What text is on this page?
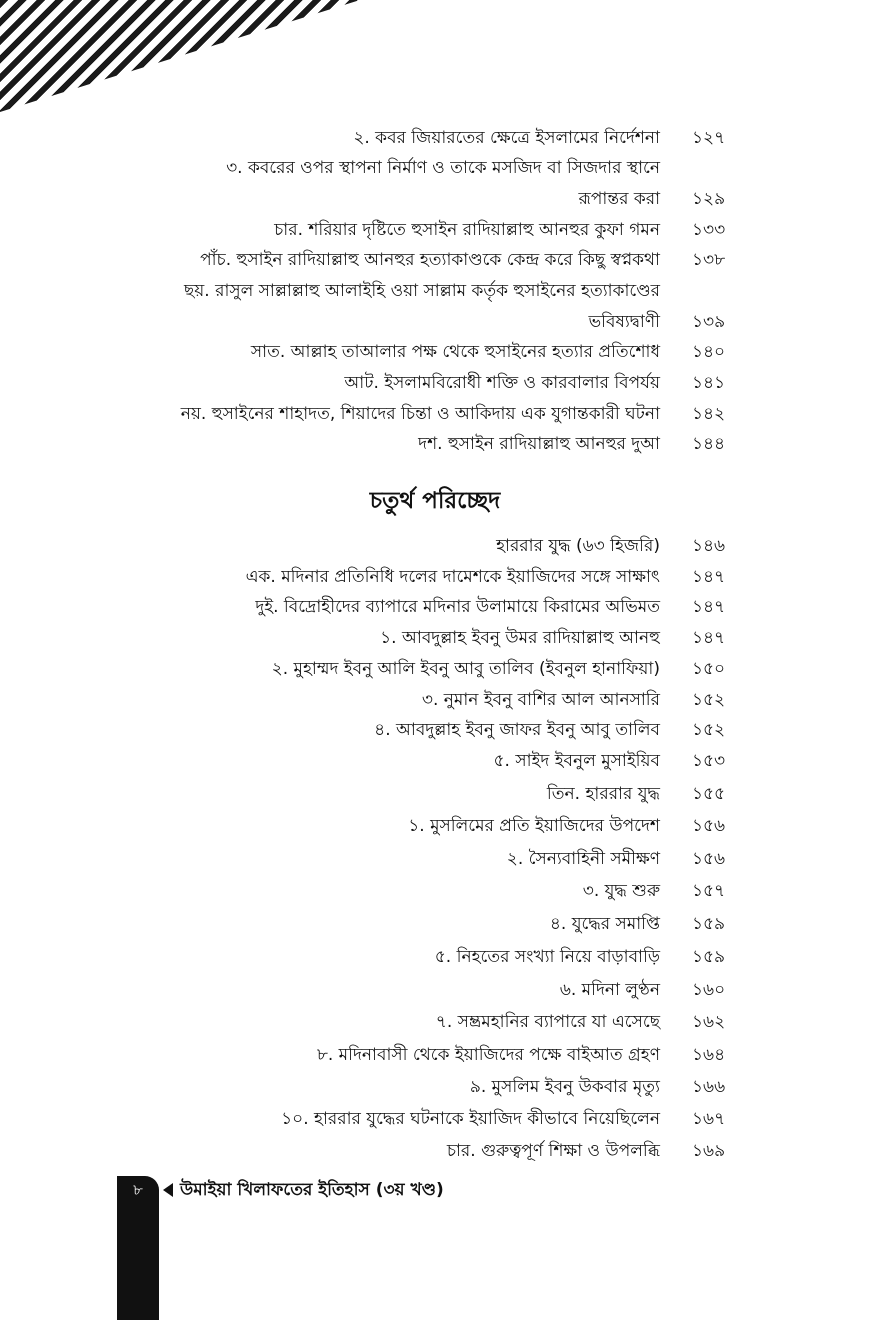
২. কবর জিয়ারতের ক্ষেত্রে ইসলামের নির্দেশনা ১২৭
৩. কবরের ওপর স্থাপনা নির্মাণ ও তাকে মসজিদ বা সিজদার স্থানে
রূপান্তর করা ১২৯
চার. শরিয়ার দৃষ্টিতে হুসাইন রাদিয়াল্লাহু আনহুর কুফা গমন ১৩৩
পাঁচ. হুসাইন রাদিয়াল্লাহু আনহুর হত্যাকাণ্ডকে কেন্দ্র করে কিছু স্বপ্নকথা ১৩৮
ছয়. রাসুল সাল্লাল্লাহু আলাইহি ওয়া সাল্লাম কর্তৃক হুসাইনের হত্যাকাণ্ডের
ভবিষ্যদ্বাণী ১৩৯
সাত. আল্লাহ তাআলার পক্ষ থেকে হুসাইনের হত্যার প্রতিশোধ ১৪০
আট. ইসলামবিরোধী শক্তি ও কারবালার বিপর্যয় ১৪১
নয়. হুসাইনের শাহাদত, শিয়াদের চিন্তা ও আকিদায় এক যুগান্তকারী ঘটনা ১৪২
দশ. হুসাইন রাদিয়াল্লাহু আনহুর দুআ ১৪৪
চতুর্থ পরিচ্ছেদ
হাররার যুদ্ধ (৬৩ হিজরি) ১৪৬
এক. মদিনার প্রতিনিধি দলের দামেশকে ইয়াজিদের সঙ্গে সাক্ষাৎ ১৪৭
দুই. বিদ্রোহীদের ব্যাপারে মদিনার উলামায়ে কিরামের অভিমত ১৪৭
১. আবদুল্লাহ ইবনু উমর রাদিয়াল্লাহু আনহু ১৪৭
২. মুহাম্মদ ইবনু আলি ইবনু আবু তালিব (ইবনুল হানাফিয়া) ১৫০
৩. নুমান ইবনু বাশির আল আনসারি ১৫২
৪. আবদুল্লাহ ইবনু জাফর ইবনু আবু তালিব ১৫২
৫. সাইদ ইবনুল মুসাইয়িব ১৫৩
তিন. হাররার যুদ্ধ ১৫৫
১. মুসলিমের প্রতি ইয়াজিদের উপদেশ ১৫৬
২. সৈন্যবাহিনী সমীক্ষণ ১৫৬
৩. যুদ্ধ শুরু ১৫৭
৪. যুদ্ধের সমাপ্তি ১৫৯
৫. নিহতের সংখ্যা নিয়ে বাড়াবাড়ি ১৫৯
৬. মদিনা লুণ্ঠন ১৬০
৭. সম্ভ্রমহানির ব্যাপারে যা এসেছে ১৬২
৮. মদিনাবাসী থেকে ইয়াজিদের পক্ষে বাইআত গ্রহণ ১৬৪
৯. মুসলিম ইবনু উকবার মৃত্যু ১৬৬
১০. হাররার যুদ্ধের ঘটনাকে ইয়াজিদ কীভাবে নিয়েছিলেন ১৬৭
চার. গুরুত্বপূর্ণ শিক্ষা ও উপলব্ধি ১৬৯
৮	উমাইয়া খিলাফতের ইতিহাস (৩য় খণ্ড)
